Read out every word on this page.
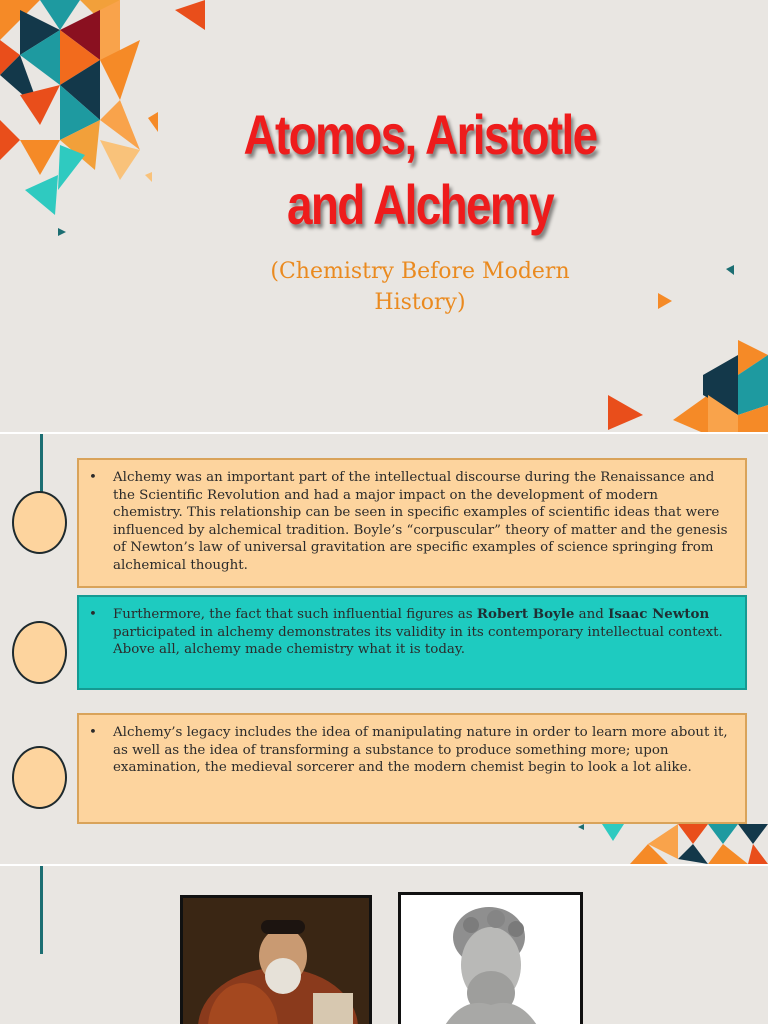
Atomos, Aristotle
and Alchemy
(Chemistry Before Modern
History)
•	Alchemy was an important part of the intellectual discourse during the Renaissance and the Scientific Revolution and had a major impact on the development of modern chemistry. This relationship can be seen in specific examples of scientific ideas that were influenced by alchemical tradition. Boyle’s “corpuscular” theory of matter and the genesis of Newton’s law of universal gravitation are specific examples of science springing from alchemical thought.
•	Furthermore, the fact that such influential figures as Robert Boyle and Isaac Newton participated in alchemy demonstrates its validity in its contemporary intellectual context. Above all, alchemy made chemistry what it is today.
•	Alchemy’s legacy includes the idea of manipulating nature in order to learn more about it, as well as the idea of transforming a substance to produce something more; upon examination, the medieval sorcerer and the modern chemist begin to look a lot alike.
